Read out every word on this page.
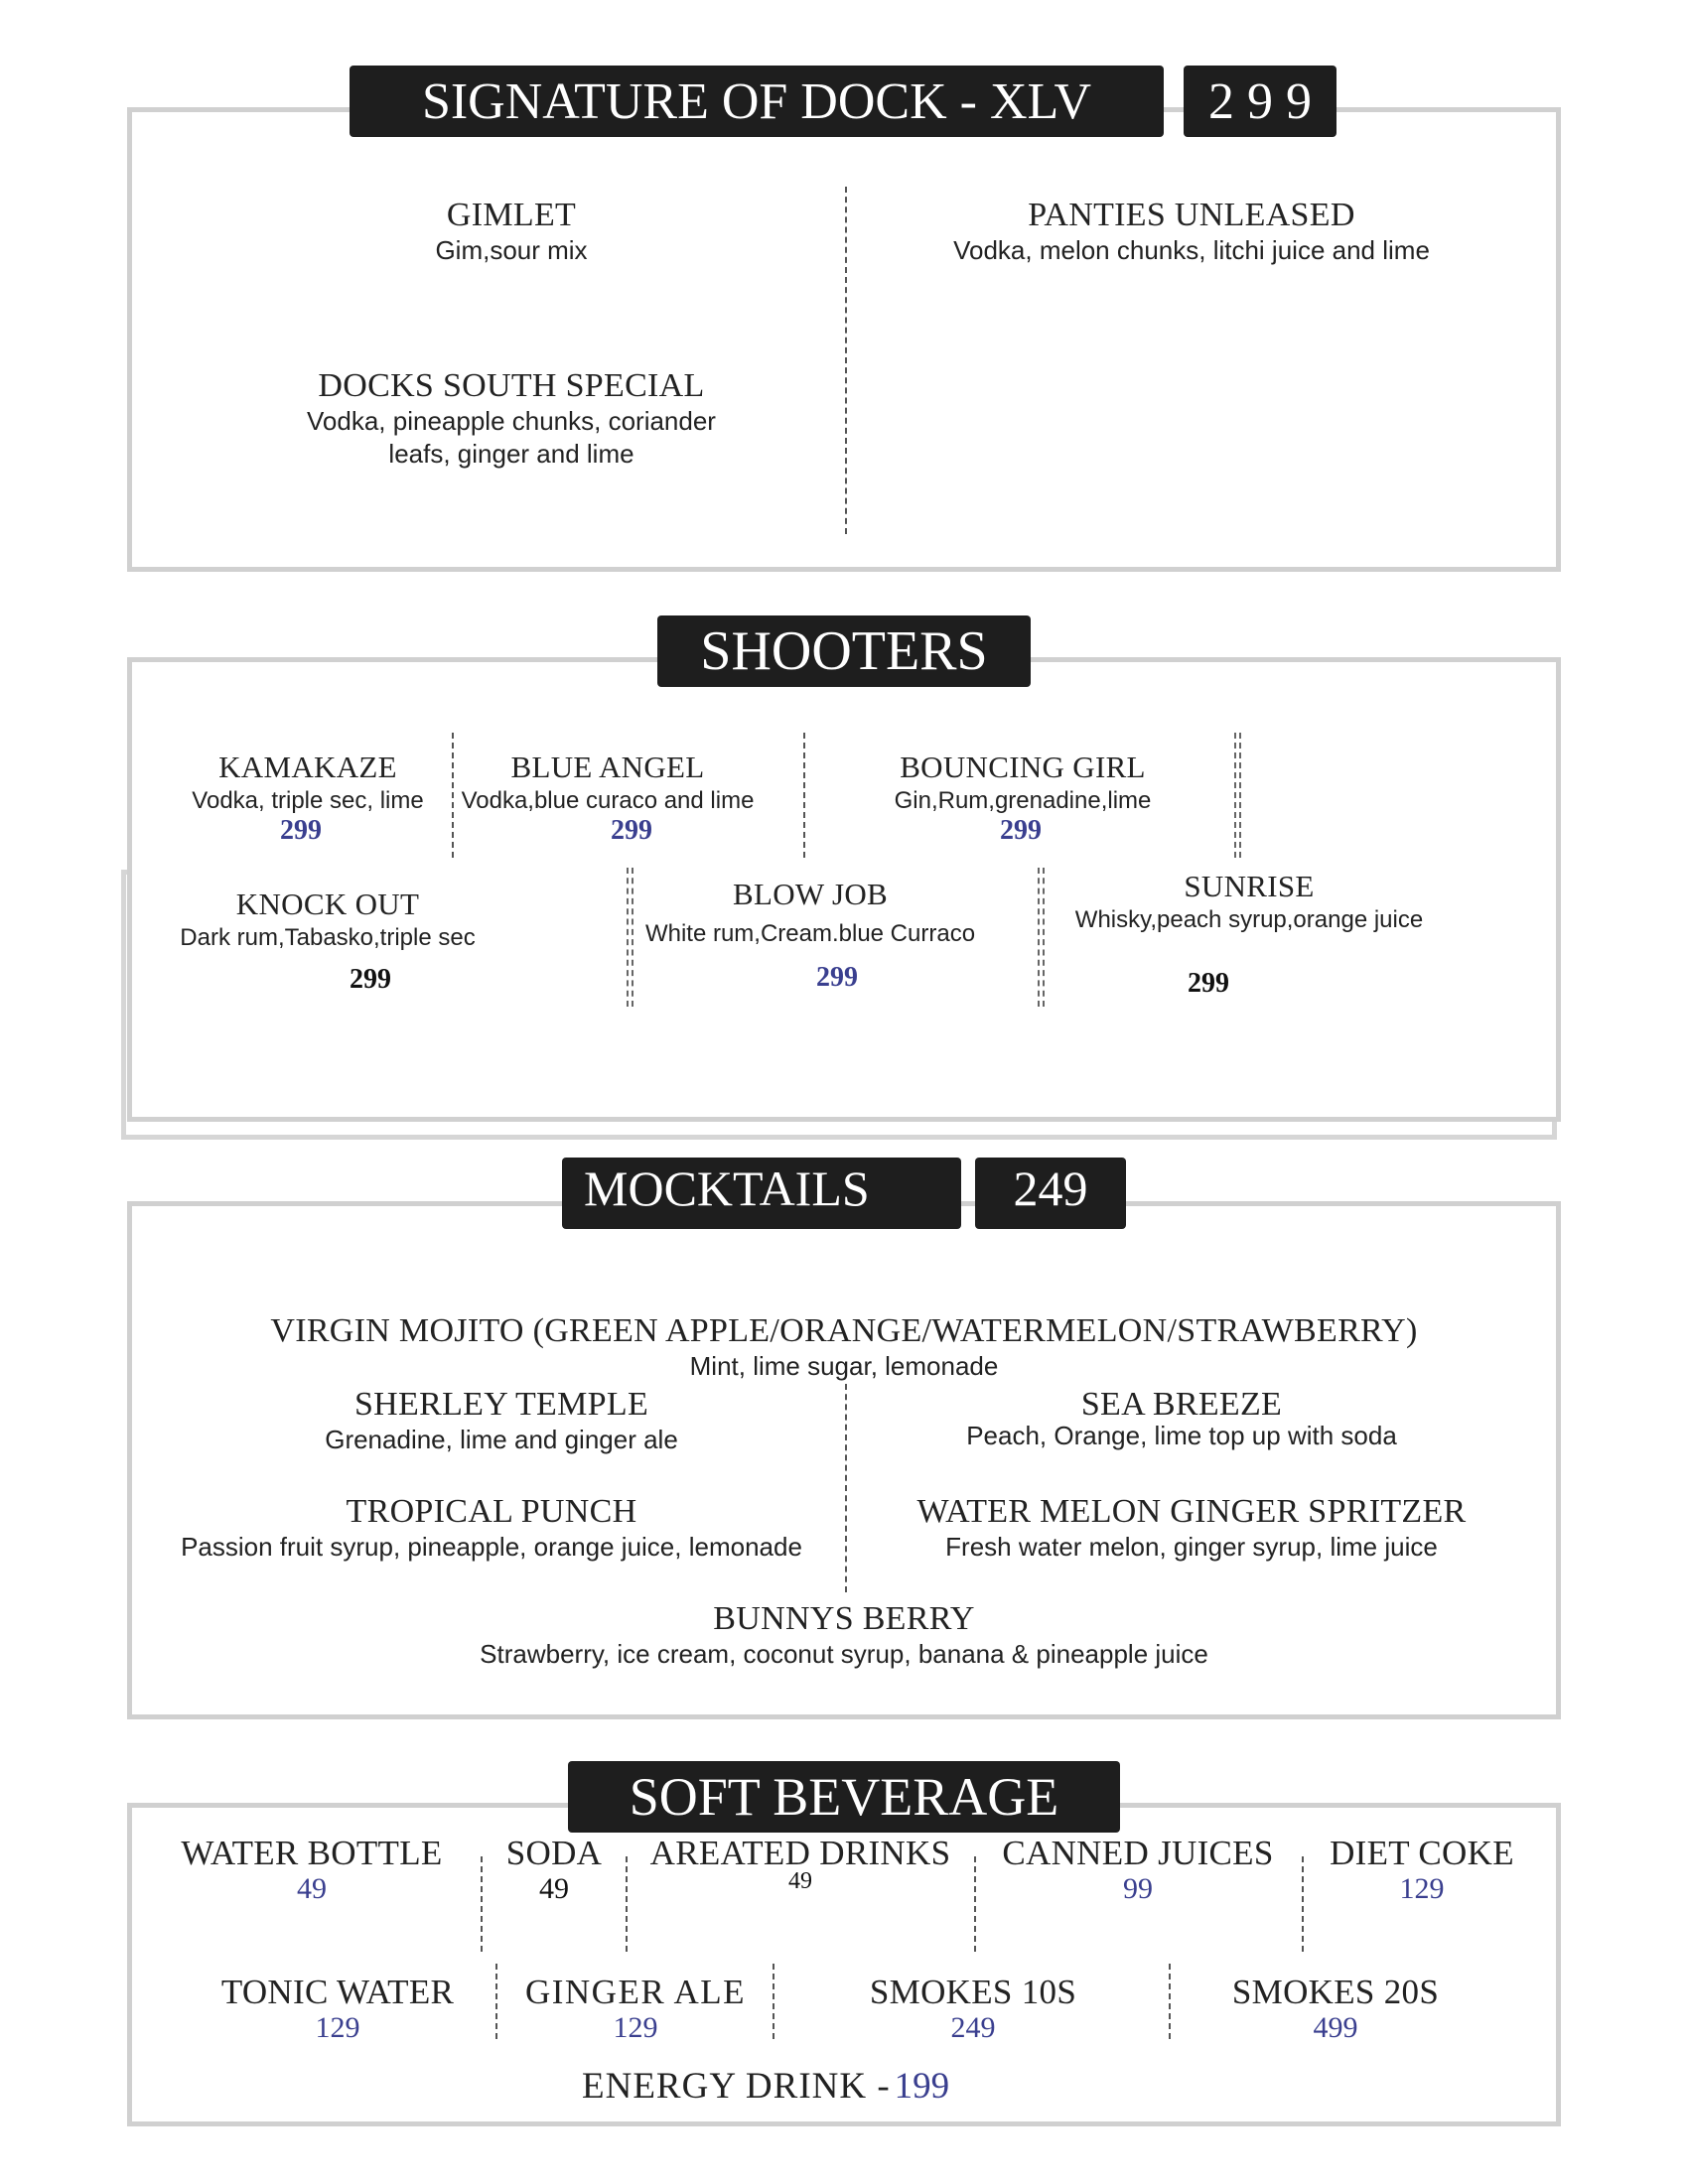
SIGNATURE OF DOCK - XLV 2 9 9
GIMLET
Gim,sour mix
PANTIES UNLEASED
Vodka, melon chunks, litchi juice and lime
DOCKS SOUTH SPECIAL
Vodka, pineapple chunks, coriander
leafs, ginger and lime
SHOOTERS
KAMAKAZE
Vodka, triple sec, lime
299
BLUE ANGEL
Vodka,blue curaco and lime
299
BOUNCING GIRL
Gin,Rum,grenadine,lime
299
KNOCK OUT
Dark rum,Tabasko,triple sec
299
BLOW JOB
White rum,Cream.blue Curraco
299
SUNRISE
Whisky,peach syrup,orange juice
299
MOCKTAILS	249
VIRGIN MOJITO (GREEN APPLE/ORANGE/WATERMELON/STRAWBERRY)
Mint, lime sugar, lemonade
SHERLEY TEMPLE
Grenadine, lime and ginger ale
SEA BREEZE
Peach, Orange, lime top up with soda
TROPICAL PUNCH
Passion fruit syrup, pineapple, orange juice, lemonade
WATER MELON GINGER SPRITZER
Fresh water melon, ginger syrup, lime juice
BUNNYS BERRY
Strawberry, ice cream, coconut syrup, banana & pineapple juice
SOFT BEVERAGE
WATER BOTTLE
49
SODA
49
AREATED DRINKS
49
CANNED JUICES
99
DIET COKE
129
TONIC WATER
129
GINGER ALE
129
SMOKES 10S
249
SMOKES 20S
499
ENERGY DRINK - 199
